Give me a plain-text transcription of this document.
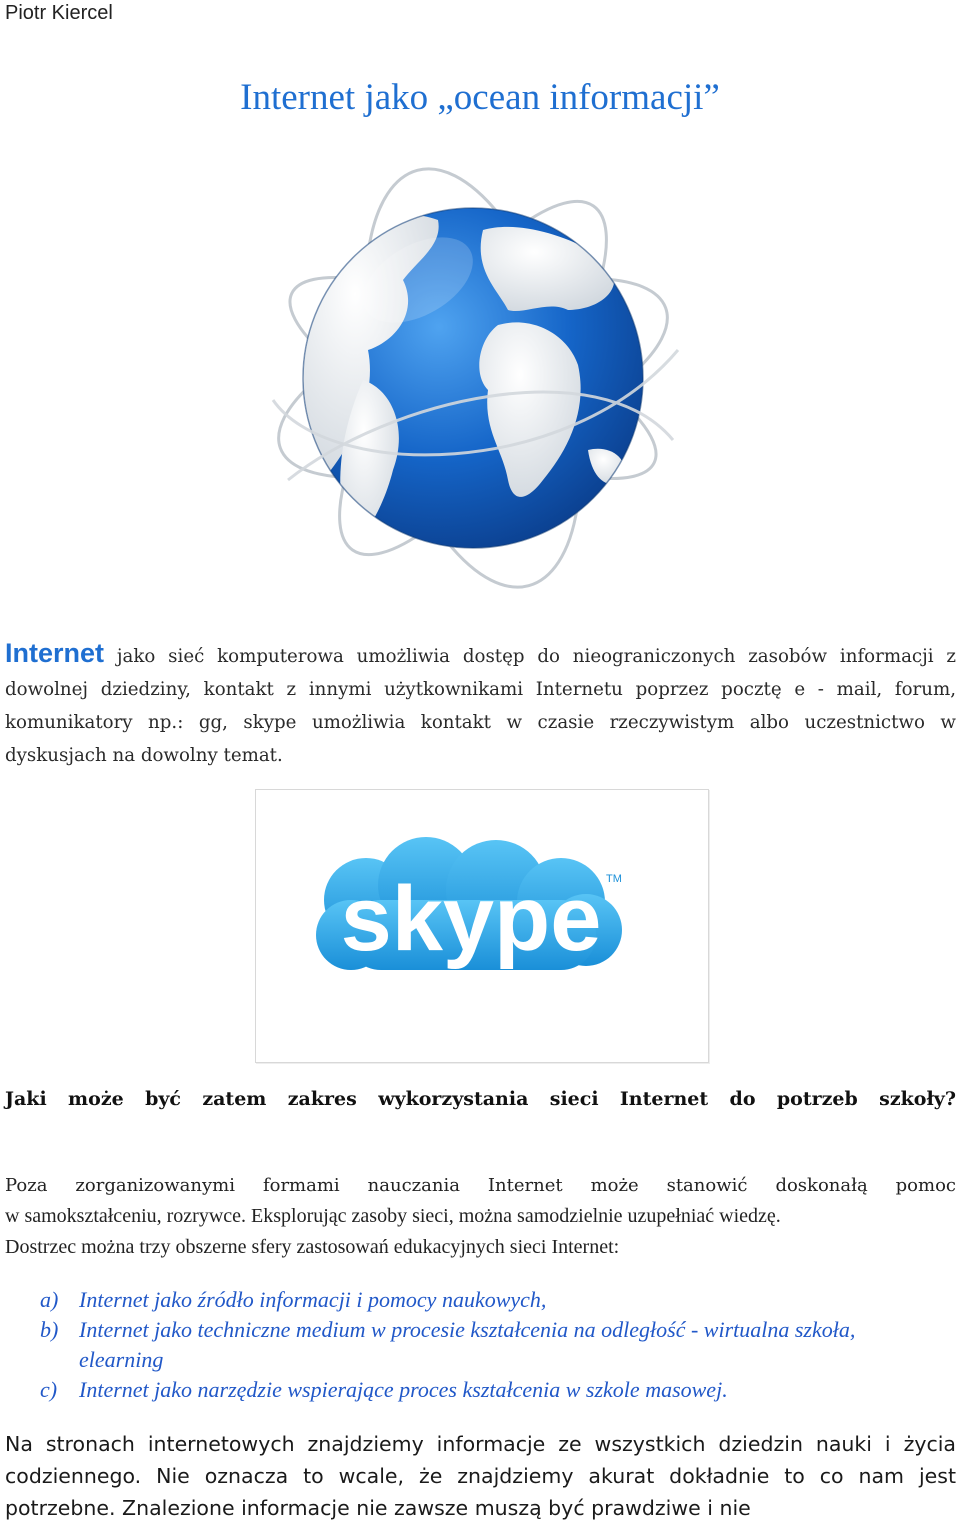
Piotr Kiercel
Internet jako „ocean informacji”
Internet jako sieć komputerowa umożliwia dostęp do nieograniczonych zasobów informacji z dowolnej dziedziny, kontakt z innymi użytkownikami Internetu poprzez pocztę e - mail, forum, komunikatory np.: gg, skype umożliwia kontakt w czasie rzeczywistym albo uczestnictwo w dyskusjach na dowolny temat.
skype TM
Jaki może być zatem zakres wykorzystania sieci Internet do potrzeb szkoły?
Poza zorganizowanymi formami nauczania Internet może stanowić doskonałą pomoc
w samokształceniu, rozrywce. Eksplorując zasoby sieci, można samodzielnie uzupełniać wiedzę.
Dostrzec można trzy obszerne sfery zastosowań edukacyjnych sieci Internet:
a) Internet jako źródło informacji i pomocy naukowych,
b) Internet jako techniczne medium w procesie kształcenia na odległość - wirtualna szkoła, elearning
c) Internet jako narzędzie wspierające proces kształcenia w szkole masowej.
Na stronach internetowych znajdziemy informacje ze wszystkich dziedzin nauki i życia codziennego. Nie oznacza to wcale, że znajdziemy akurat dokładnie to co nam jest potrzebne. Znalezione informacje nie zawsze muszą być prawdziwe i nie
